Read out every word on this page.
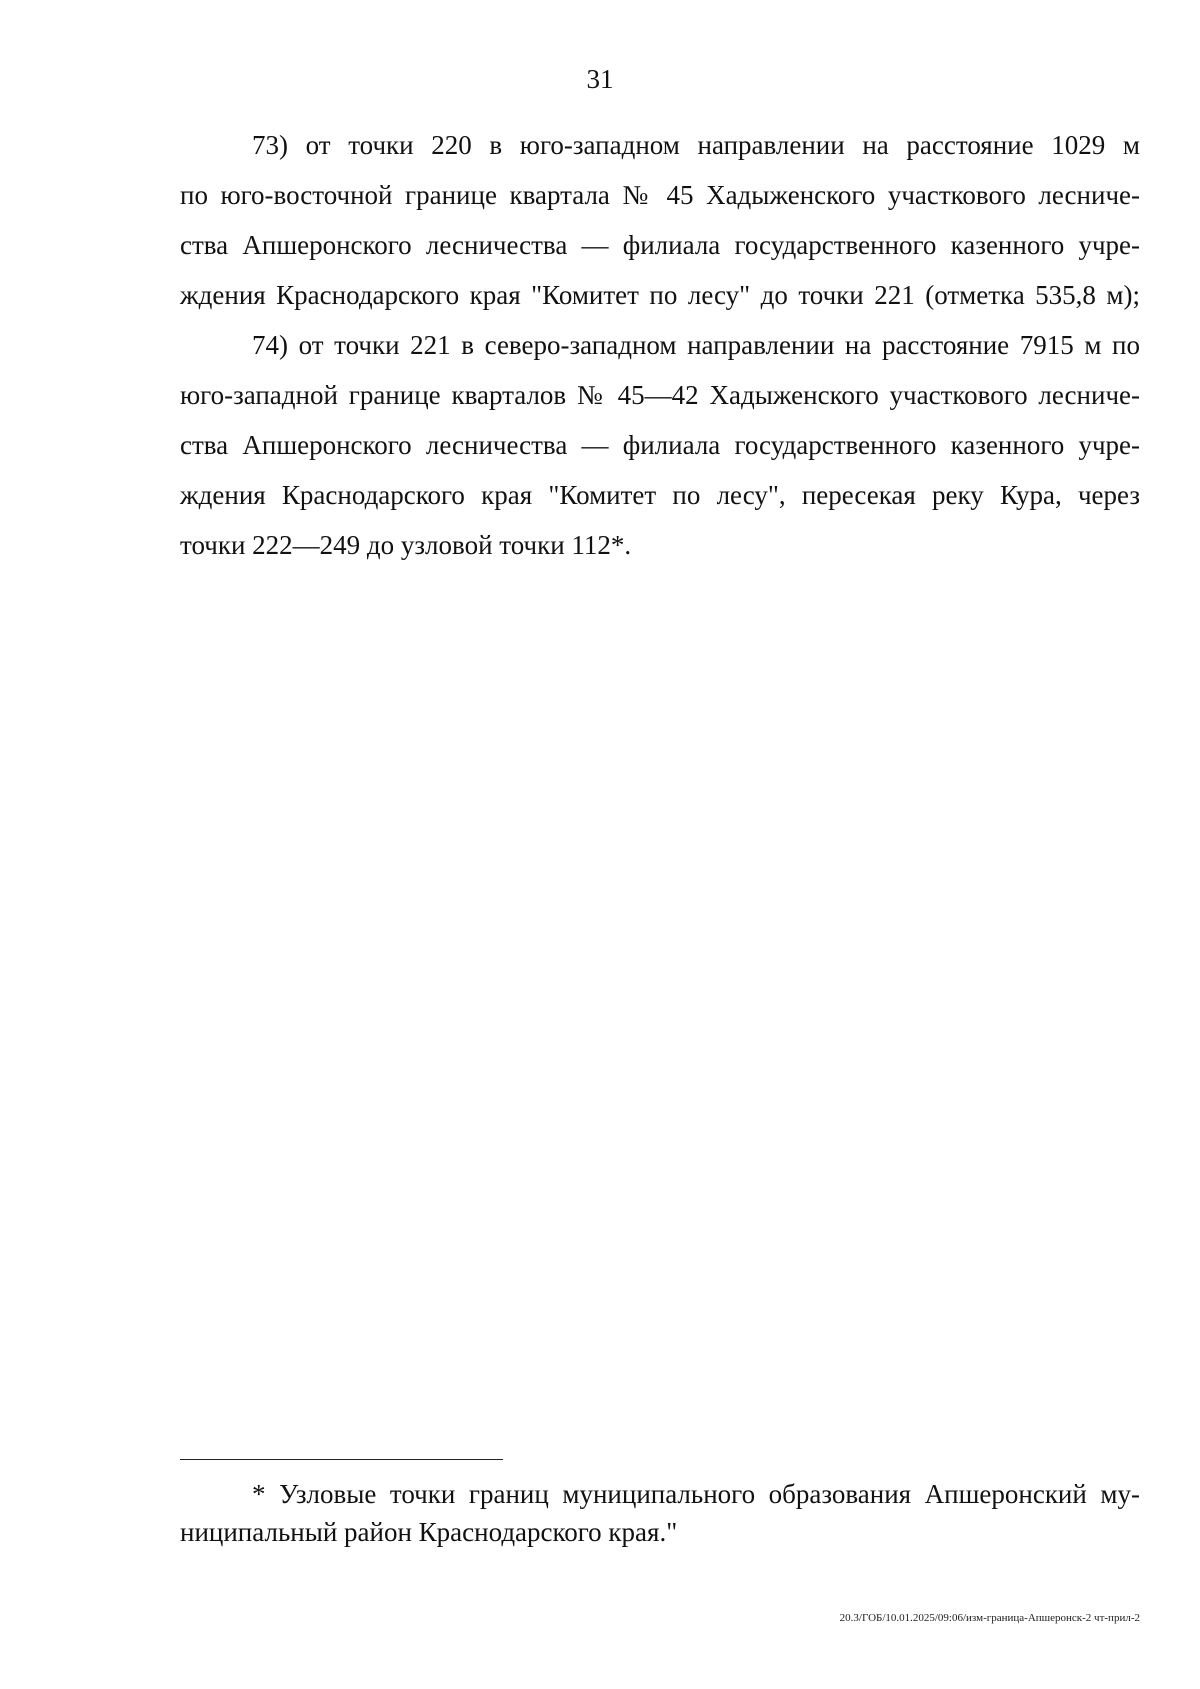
31
73) от точки 220 в юго-западном направлении на расстояние 1029 м
по юго-восточной границе квартала № 45 Хадыженского участкового лесниче-
ства Апшеронского лесничества — филиала государственного казенного учре-
ждения Краснодарского края "Комитет по лесу" до точки 221 (отметка 535,8 м);
74) от точки 221 в северо-западном направлении на расстояние 7915 м по
юго-западной границе кварталов № 45—42 Хадыженского участкового лесниче-
ства Апшеронского лесничества — филиала государственного казенного учре-
ждения Краснодарского края "Комитет по лесу", пересекая реку Кура, через
точки 222—249 до узловой точки 112*.
* Узловые точки границ муниципального образования Апшеронский му-
ниципальный район Краснодарского края."
20.3/ГОБ/10.01.2025/09:06/изм-граница-Апшеронск-2 чт-прил-2
